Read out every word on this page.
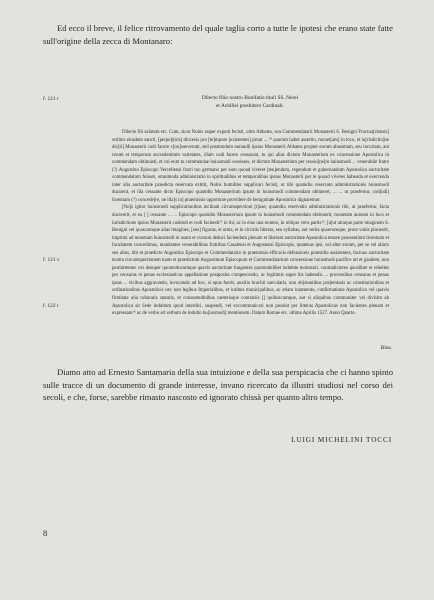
Ed ecco il breve, il felice ritrovamento del quale taglia corto a tutte le ipotesi che erano state fatte sull'origine della zecca di Montanaro:

f. 121 r
f. 121 v
f. 122 r
Dilecto filio nostro Bonifatio tituli SS. Nerei
et Achillei presbitero Cardinali.

Dilecte fili salutem etc. Cum, sicut Nobis nuper exponi fecisti, olim Abbates, seu Commendatarii Monasterii S. Benigni Fructua[riensis] ordinis eiusdem sancti, [perpe]t[uis] diocesis pro [te]mpore [existentes] prout ... ¹⁴ quarum habet assertio, monet[am] in loco, et iu[risdictio]ne dic[ti] Monasterii cudi facere c[on]sueverunt, sed postmodum nonnulli ipsius Monasterii Abbates propter eorum absentiam, seu incuriam, aut rerum et temporum succedentium varietates, illam cudi facere cessarunt, tu qui alias dictum Monasterium ex concessione Apostolica in commendam obtinuisti, et cui eum tu commendae huiusmodi cessisses, et dictum Monasterium per cessio[ne]m huiusmodi ... venerabile fratre (?) Augustino Episcopo Vercellensi fratri tuo germano per eum quoad viveret [ten]endum, regendum et gubernandum Apostolica auctoritate commendatum fuisset, omnimoda administratio in spiritualibus et temporalibus ipsius Monasterii per te quoad viveres habenda et exercenda inter alia auctoritate praedicta reservata extitit, Nobis humiliter supplicari fecisti, ut tibi quamdiu reservato administrationis huiusmodi durarent, et illa cessante dicto Episcopo quamdiu Monasterium ipsum in huiusmodi commendam obtineret, ... ... ut praefertur, cud[ndi] licentiam (?) concede[re, ne illa]s in] praemissis opportune providere de benignitate Apostolica dignaremur.

[No]s igitur huiusmodi supplicationibus inclinati circumspectioni [t]uae, quamdiu reservatio administrationis tibi, ut praefertur, facta duraverit, et ea [ ] cessante ... ... Episcopo quamdiu Monasterium ipsum in huiusmodi commendam obtinuerit, monetam auream in loco et iurisdictione ipsius Monasterii cudendi et cudi faciendi¹⁵ in ibi, ac in eius una nomen, in reliquo vero partis¹⁶, [a]ut utraque parte imaginem S. Benigni vel quascumque alias imagines, [seu] figuras, et arma, et in circulis litteras, seu syllabas, aut verba quaecumque, prout vobis placuerit, imprimi ad monetam huiusmodi in usum et cursum deduci faciendum plenam et liberam auctoritate Apostolica tenore praesentium licentiam et facultatem concedimus, mandantes venerabilibus fratribus Casalensi et Augustensi Episcopis, quatenus ipsi, vel alter eorum, per se vel alium seu alios, tibi et praedicto Augustino Episcopo et Commendatario in praemissis efficacis defensionis praesidio assistentes, facinus auctoritate nostra circumspectionem tuam et praedictum Augustinum Episcopum et Commendatarium concessione huiusmodi pacifice uti et gaudere, non permittentes vos desuper quomodocumque quavis auctoritate fungentes quomodolibet indebite molestari, contradictores quoslibet et rebelles per censuras et penas ecclesiasticas appellatione postposita compescendo, ac legitimis super his habendis ... processibus censuras et penas ipsas ... vicibus aggravando, invocando ad hoc, si opus fuerit, auxilio brachii saecularis, non ob[stantibus pra]emissis ac constitutionibus et ordinationibus Apostolicis nec non legibus Imperialibus, et iuribus municipalibus, ac etiam iuramento, confirmatione Apostolica vel quavis firmitate alia roboratis statutis, et consuetudinibus caeterisque contrariis [] quibuscumque, aut si aliquibus communiter vel divisim ab Apostolica sit Sede indultum quod interdici, suspendi, vel excommunicari non possint per litteras Apostolicas non facientes plenam et expressam¹⁶ ac de verbo ad verbum de indulto hu[iusmodi] mentionem. Datum Romae etc. ultima Aprilis 1527. Anno Quarto.

Blos.

Diamo atto ad Ernesto Santamaria della sua intuizione e della sua perspicacia che ci hanno spinto sulle tracce di un documento di grande interesse, invano ricercato da illustri studiosi nel corso dei secoli, e che, forse, sarebbe rimasto nascosto ed ignorato chissà per quanto altro tempo.

LUIGI MICHELINI TOCCI
8
